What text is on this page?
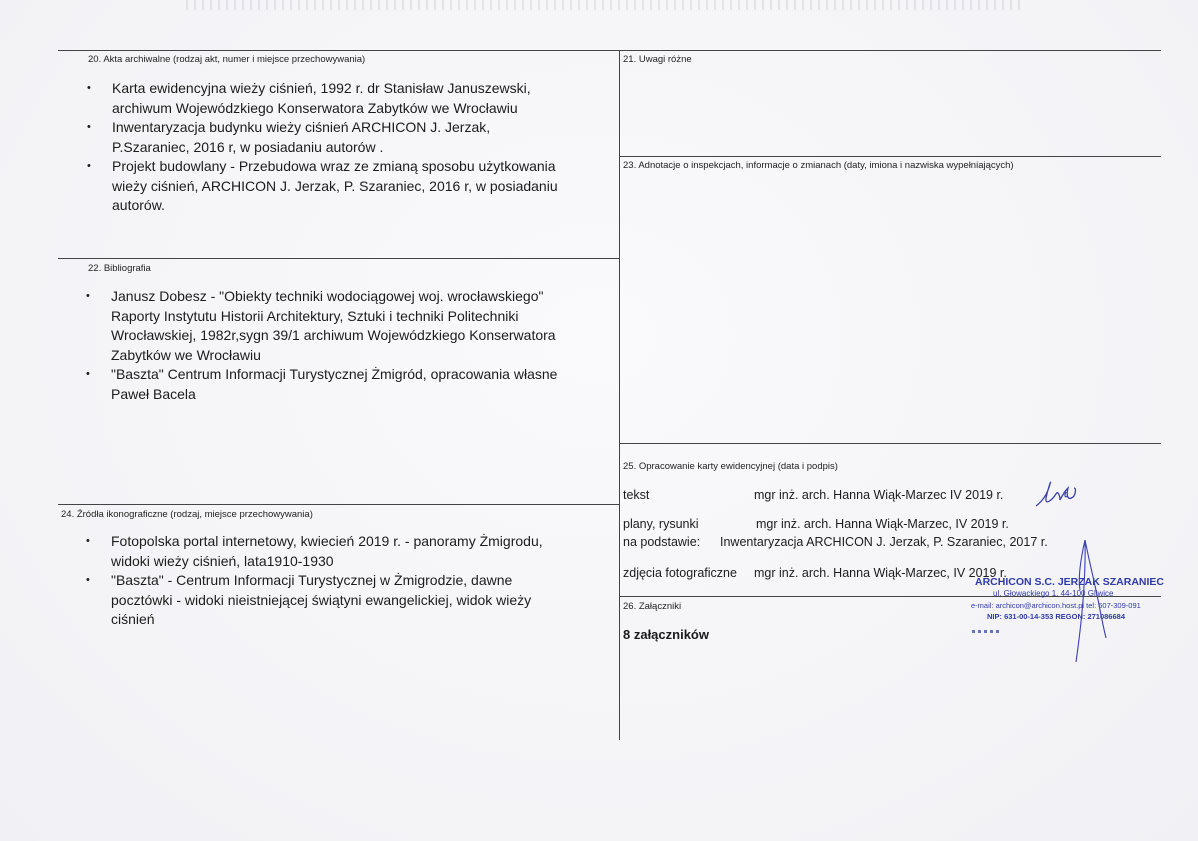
20. Akta archiwalne (rodzaj akt, numer i miejsce przechowywania)
• Karta ewidencyjna wieży ciśnień, 1992 r. dr Stanisław Januszewski,
archiwum Wojewódzkiego Konserwatora Zabytków we Wrocławiu
• Inwentaryzacja budynku wieży ciśnień ARCHICON J. Jerzak,
P.Szaraniec, 2016 r, w posiadaniu autorów .
• Projekt budowlany - Przebudowa wraz ze zmianą sposobu użytkowania
wieży ciśnień, ARCHICON J. Jerzak, P. Szaraniec, 2016 r, w posiadaniu
autorów.
21. Uwagi różne
22. Bibliografia
• Janusz Dobesz - "Obiekty techniki wodociągowej woj. wrocławskiego"
Raporty Instytutu Historii Architektury, Sztuki i techniki Politechniki
Wrocławskiej, 1982r,sygn 39/1 archiwum Wojewódzkiego Konserwatora
Zabytków we Wrocławiu
• "Baszta" Centrum Informacji Turystycznej Żmigród, opracowania własne
Paweł Bacela
23. Adnotacje o inspekcjach, informacje o zmianach (daty, imiona i nazwiska wypełniających)
24. Źródła ikonograficzne (rodzaj, miejsce przechowywania)
• Fotopolska portal internetowy, kwiecień 2019 r. - panoramy Żmigrodu,
widoki wieży ciśnień, lata1910-1930
• "Baszta" - Centrum Informacji Turystycznej w Żmigrodzie, dawne
pocztówki - widoki nieistniejącej świątyni ewangelickiej, widok wieży
ciśnień
25. Opracowanie karty ewidencyjnej (data i podpis)
tekst	mgr inż. arch. Hanna Wiąk-Marzec IV 2019 r.
plany, rysunki	mgr inż. arch. Hanna Wiąk-Marzec, IV 2019 r.
na podstawie: Inwentaryzacja ARCHICON J. Jerzak, P. Szaraniec, 2017 r.
zdjęcia fotograficzne mgr inż. arch. Hanna Wiąk-Marzec, IV 2019 r.
26. Załączniki
8 załączników
ARCHICON S.C. JERZAK SZARANIEC
ul. Głowackiego 1, 44-100 Gliwice
e-mail: archicon@archicon.host.pl tel: 607-309-091
NIP: 631-00-14-353 REGON: 271086684
